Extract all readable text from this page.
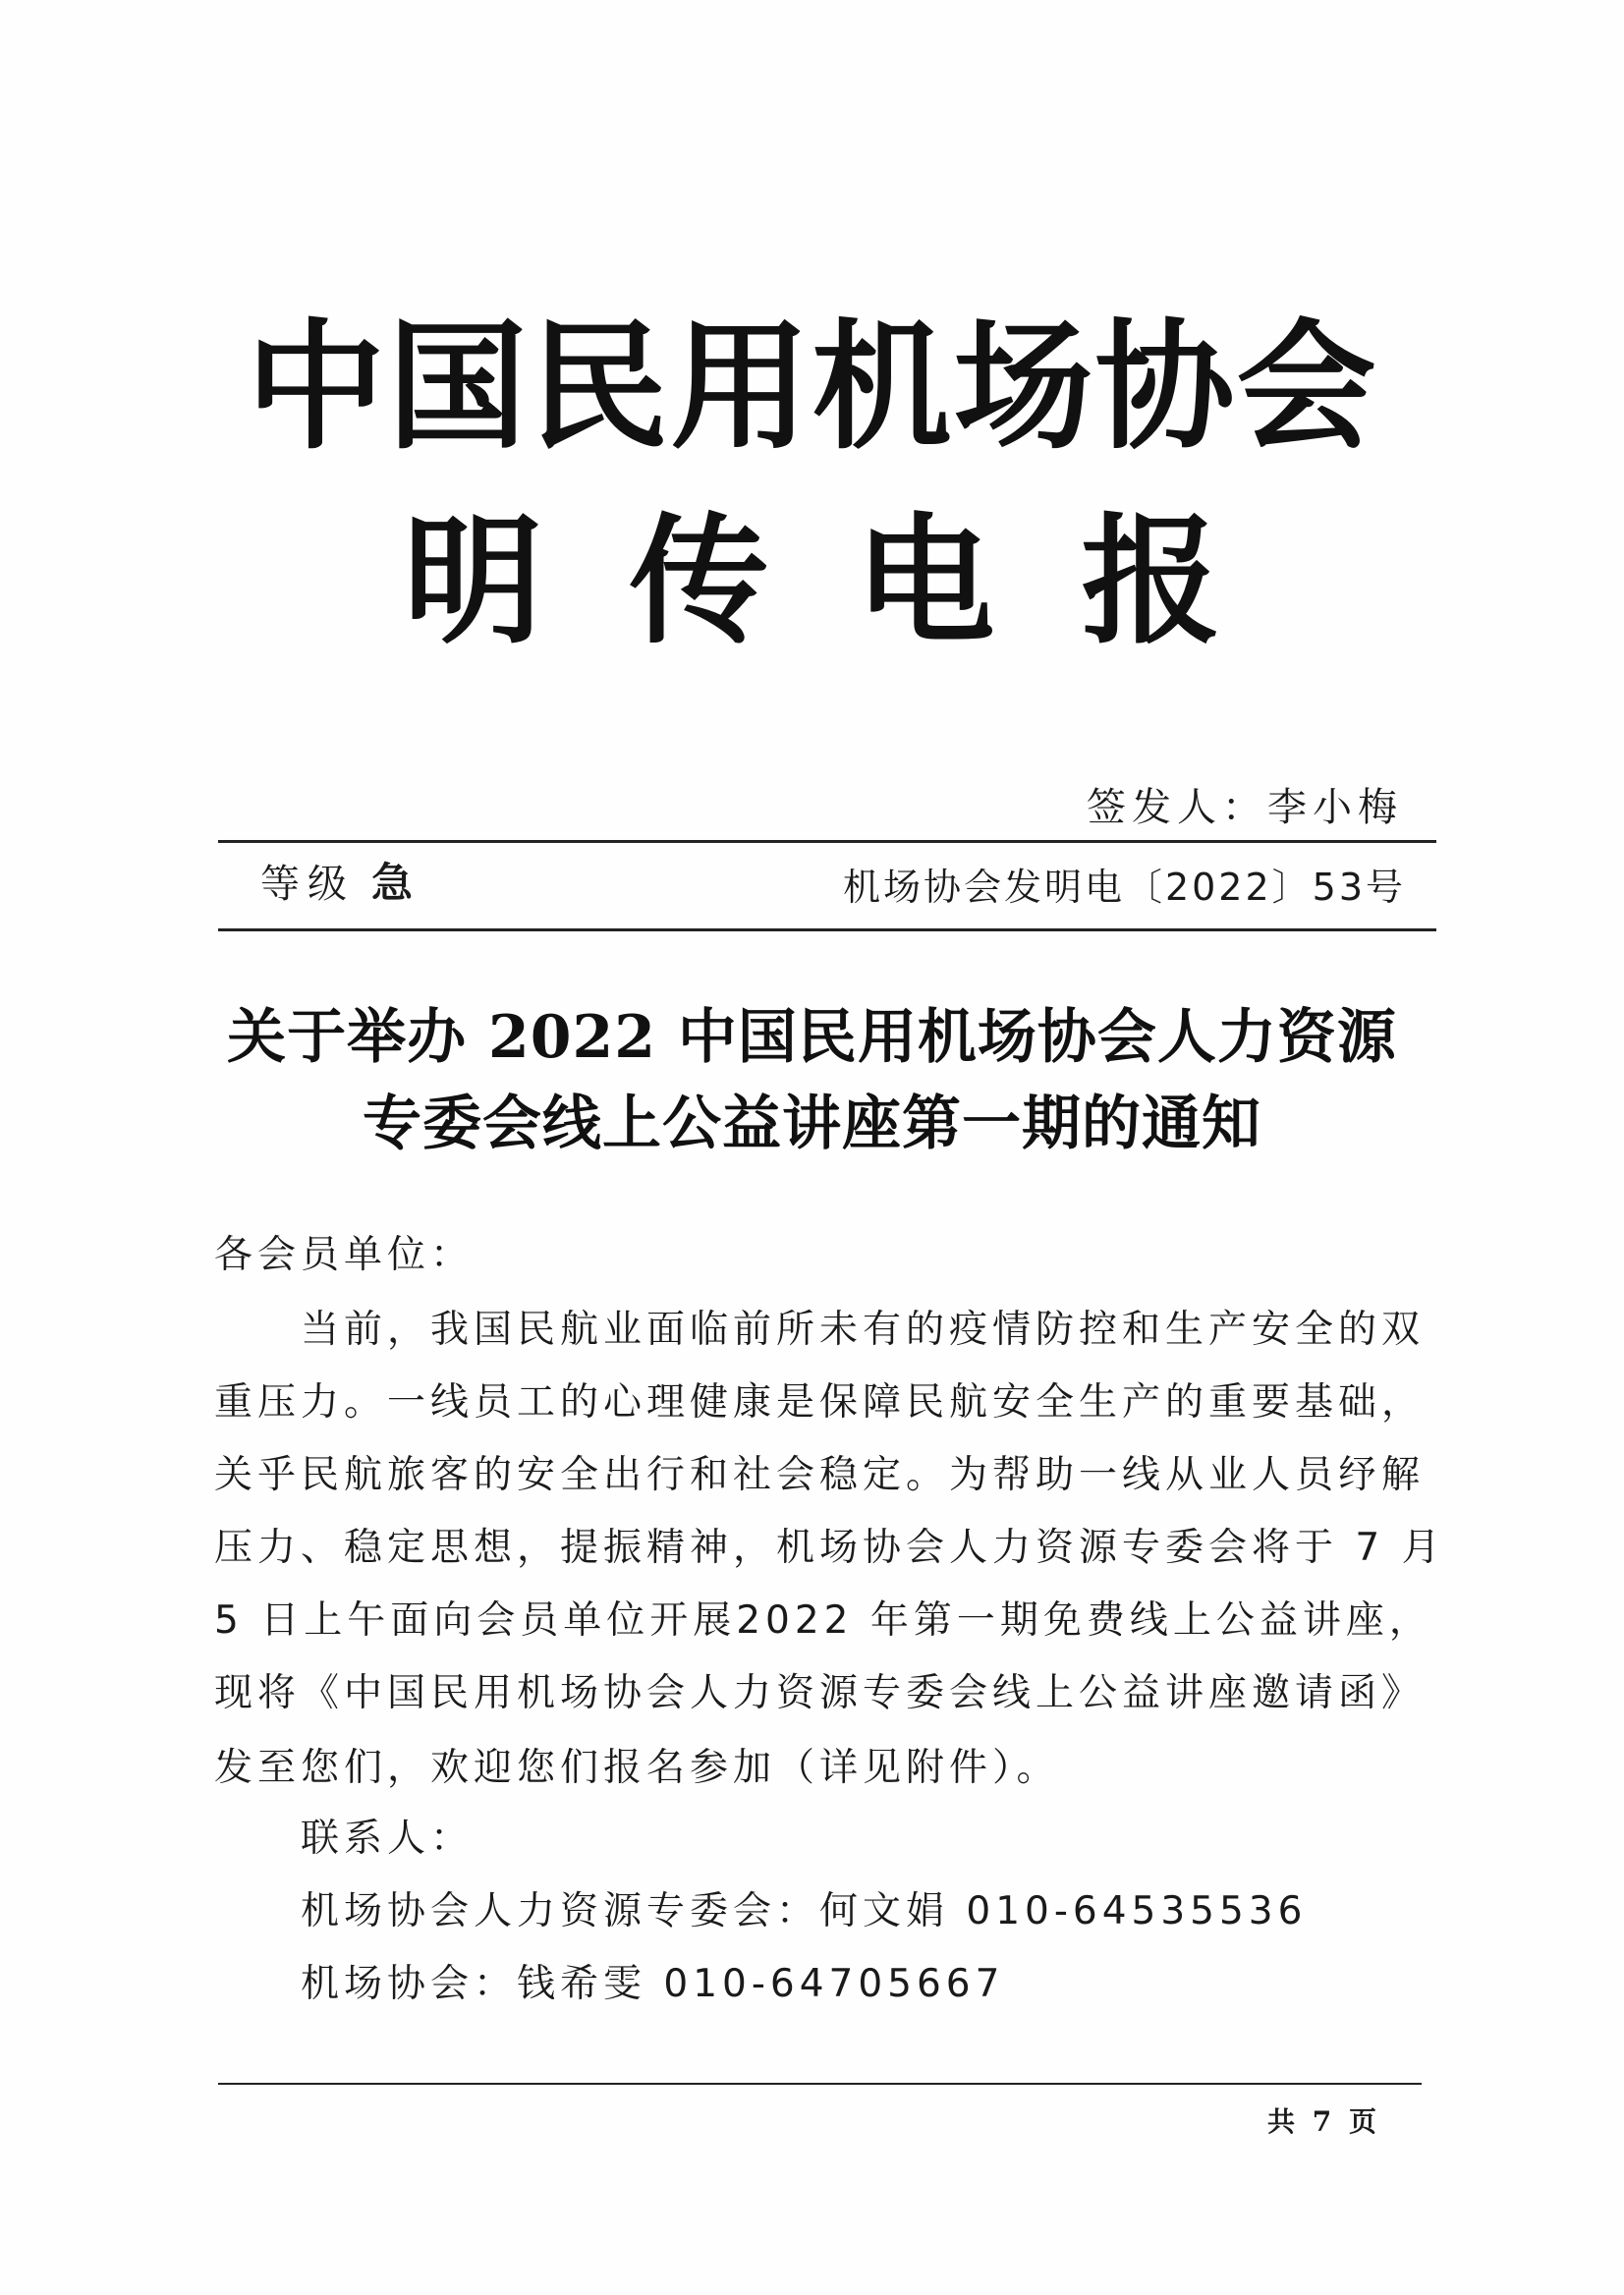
中国民用机场协会
明传电报
签发人：李小梅
等级 急	机场协会发明电〔2022〕53号
关于举办 2022 中国民用机场协会人力资源
专委会线上公益讲座第一期的通知
各会员单位：
当前，我国民航业面临前所未有的疫情防控和生产安全的双
重压力。一线员工的心理健康是保障民航安全生产的重要基础，
关乎民航旅客的安全出行和社会稳定。为帮助一线从业人员纾解
压力、稳定思想，提振精神，机场协会人力资源专委会将于 7 月
5 日上午面向会员单位开展2022 年第一期免费线上公益讲座，
现将《中国民用机场协会人力资源专委会线上公益讲座邀请函》
发至您们，欢迎您们报名参加（详见附件）。
联系人：
机场协会人力资源专委会：何文娟 010-64535536
机场协会：钱希雯 010-64705667
共 7 页
